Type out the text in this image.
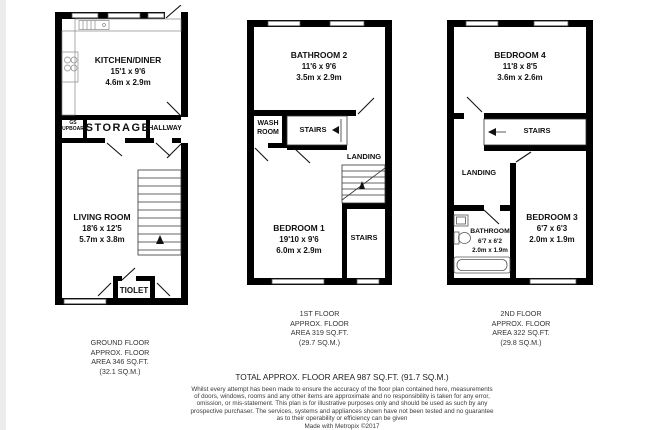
KITCHEN/DINER
15'1 x 9'6
4.6m x 2.9m
GS
CUPBOARD
STORAGE
HALLWAY
LIVING ROOM
18'6 x 12'5
5.7m x 3.8m
TIOLET
GROUND FLOOR
APPROX. FLOOR
AREA 346 SQ.FT.
(32.1 SQ.M.)
BATHROOM 2
11'6 x 9'6
3.5m x 2.9m
WASH
ROOM	STAIRS
LANDING
BEDROOM 1
19'10 x 9'6
6.0m x 2.9m
STAIRS
1ST FLOOR
APPROX. FLOOR
AREA 319 SQ.FT.
(29.7 SQ.M.)
BEDROOM 4
11'8 x 8'5
3.6m x 2.6m
STAIRS
LANDING
BATHROOM
6'7 x 6'2
2.0m x 1.9m
BEDROOM 3
6'7 x 6'3
2.0m x 1.9m
2ND FLOOR
APPROX. FLOOR
AREA 322 SQ.FT.
(29.8 SQ.M.)
TOTAL APPROX. FLOOR AREA 987 SQ.FT. (91.7 SQ.M.)
Whilst every attempt has been made to ensure the accuracy of the floor plan contained here, measurements
of doors, windows, rooms and any other items are approximate and no responsibility is taken for any error,
omission, or mis-statement. This plan is for illustrative purposes only and should be used as such by any
prospective purchaser. The services, systems and appliances shown have not been tested and no guarantee
as to their operability or efficiency can be given
Made with Metropix ©2017
